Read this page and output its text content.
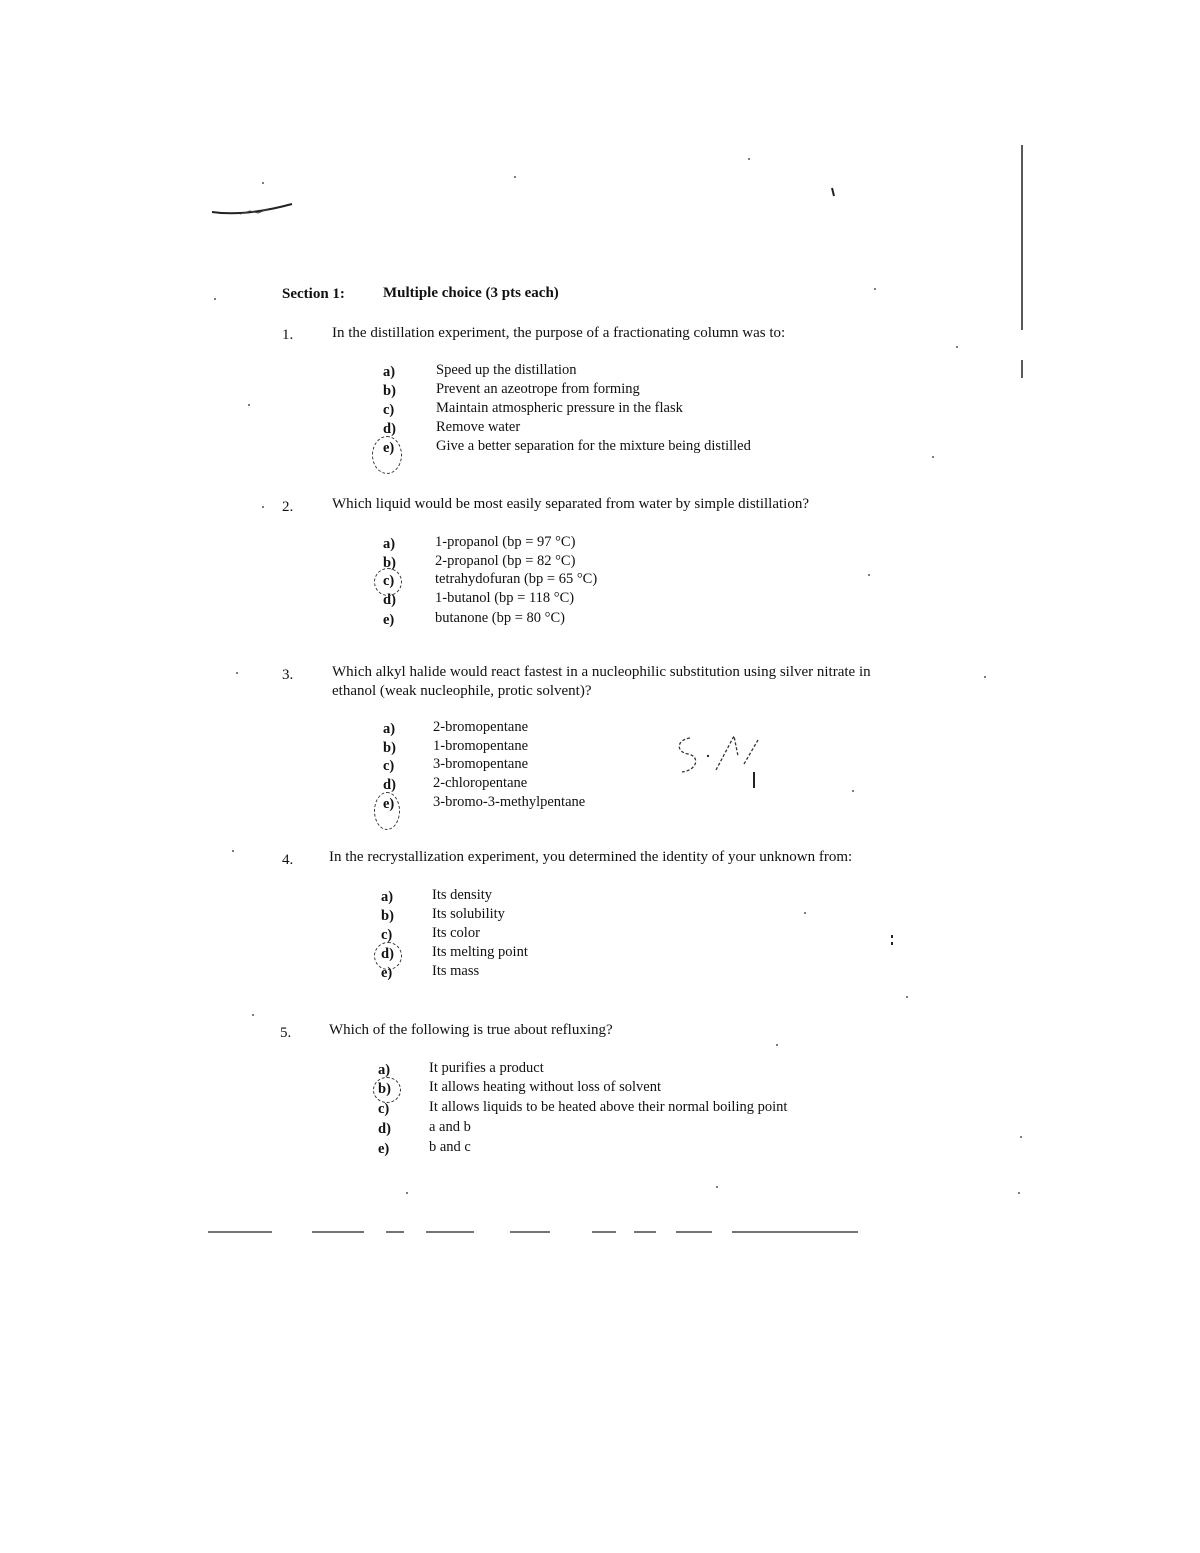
Section 1:	Multiple choice (3 pts each)
1.	In the distillation experiment, the purpose of a fractionating column was to:
a)	Speed up the distillation
b)	Prevent an azeotrope from forming
c)	Maintain atmospheric pressure in the flask
d)	Remove water
e)	Give a better separation for the mixture being distilled
2.	Which liquid would be most easily separated from water by simple distillation?
a)	1-propanol (bp = 97 °C)
b)	2-propanol (bp = 82 °C)
c)	tetrahydofuran (bp = 65 °C)
d)	1-butanol (bp = 118 °C)
e)	butanone (bp = 80 °C)
3.	Which alkyl halide would react fastest in a nucleophilic substitution using silver nitrate in
ethanol (weak nucleophile, protic solvent)?
a)	2-bromopentane
b)	1-bromopentane
c)	3-bromopentane
d)	2-chloropentane
e)	3-bromo-3-methylpentane
4. In the recrystallization experiment, you determined the identity of your unknown from:
a)	Its density
b)	Its solubility
c)	Its color
d)	Its melting point
e)	Its mass
5.	Which of the following is true about refluxing?
a)	It purifies a product
b)	It allows heating without loss of solvent
c)	It allows liquids to be heated above their normal boiling point
d)	a and b
e)	b and c
